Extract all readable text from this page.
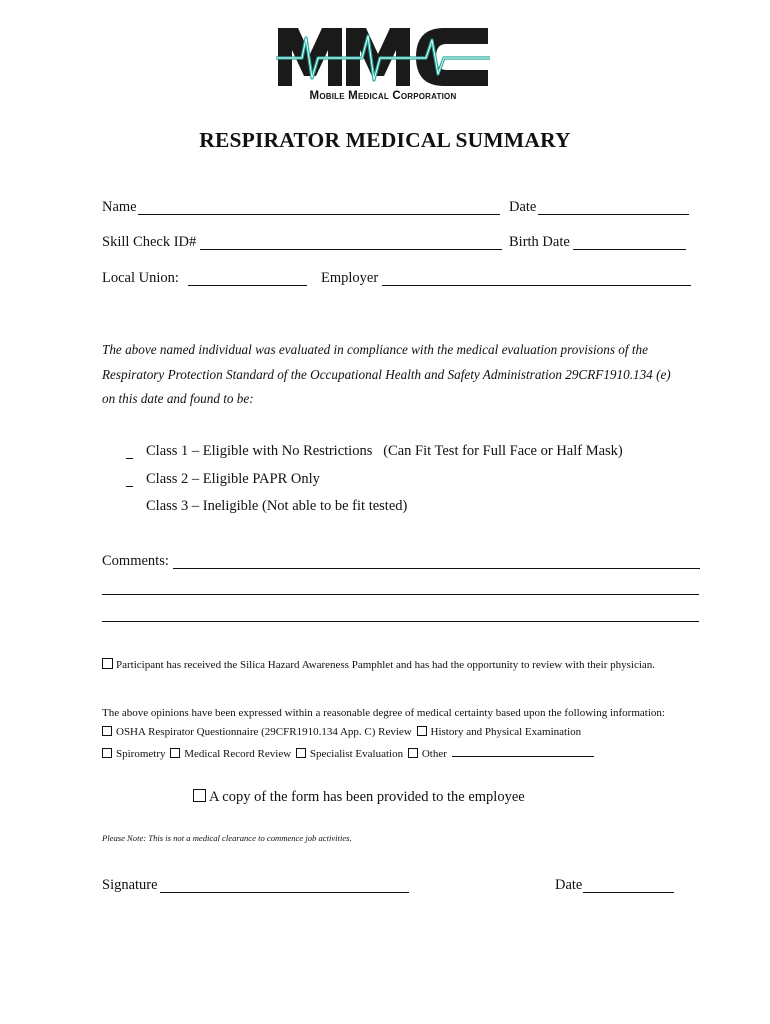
Mobile Medical Corporation
RESPIRATOR MEDICAL SUMMARY
Name	Date
Skill Check ID#	Birth Date
Local Union:	Employer
The above named individual was evaluated in compliance with the medical evaluation provisions of the
Respiratory Protection Standard of the Occupational Health and Safety Administration 29CRF1910.134 (e)
on this date and found to be:
Class 1 – Eligible with No Restrictions   (Can Fit Test for Full Face or Half Mask)
Class 2 – Eligible PAPR Only
Class 3 – Ineligible (Not able to be fit tested)
Comments:
Participant has received the Silica Hazard Awareness Pamphlet and has had the opportunity to review with their physician.
The above opinions have been expressed within a reasonable degree of medical certainty based upon the following information:
OSHA Respirator Questionnaire (29CFR1910.134 App. C) Review History and Physical Examination
Spirometry Medical Record Review Specialist Evaluation Other
A copy of the form has been provided to the employee
Please Note: This is not a medical clearance to commence job activities.
Signature	Date
